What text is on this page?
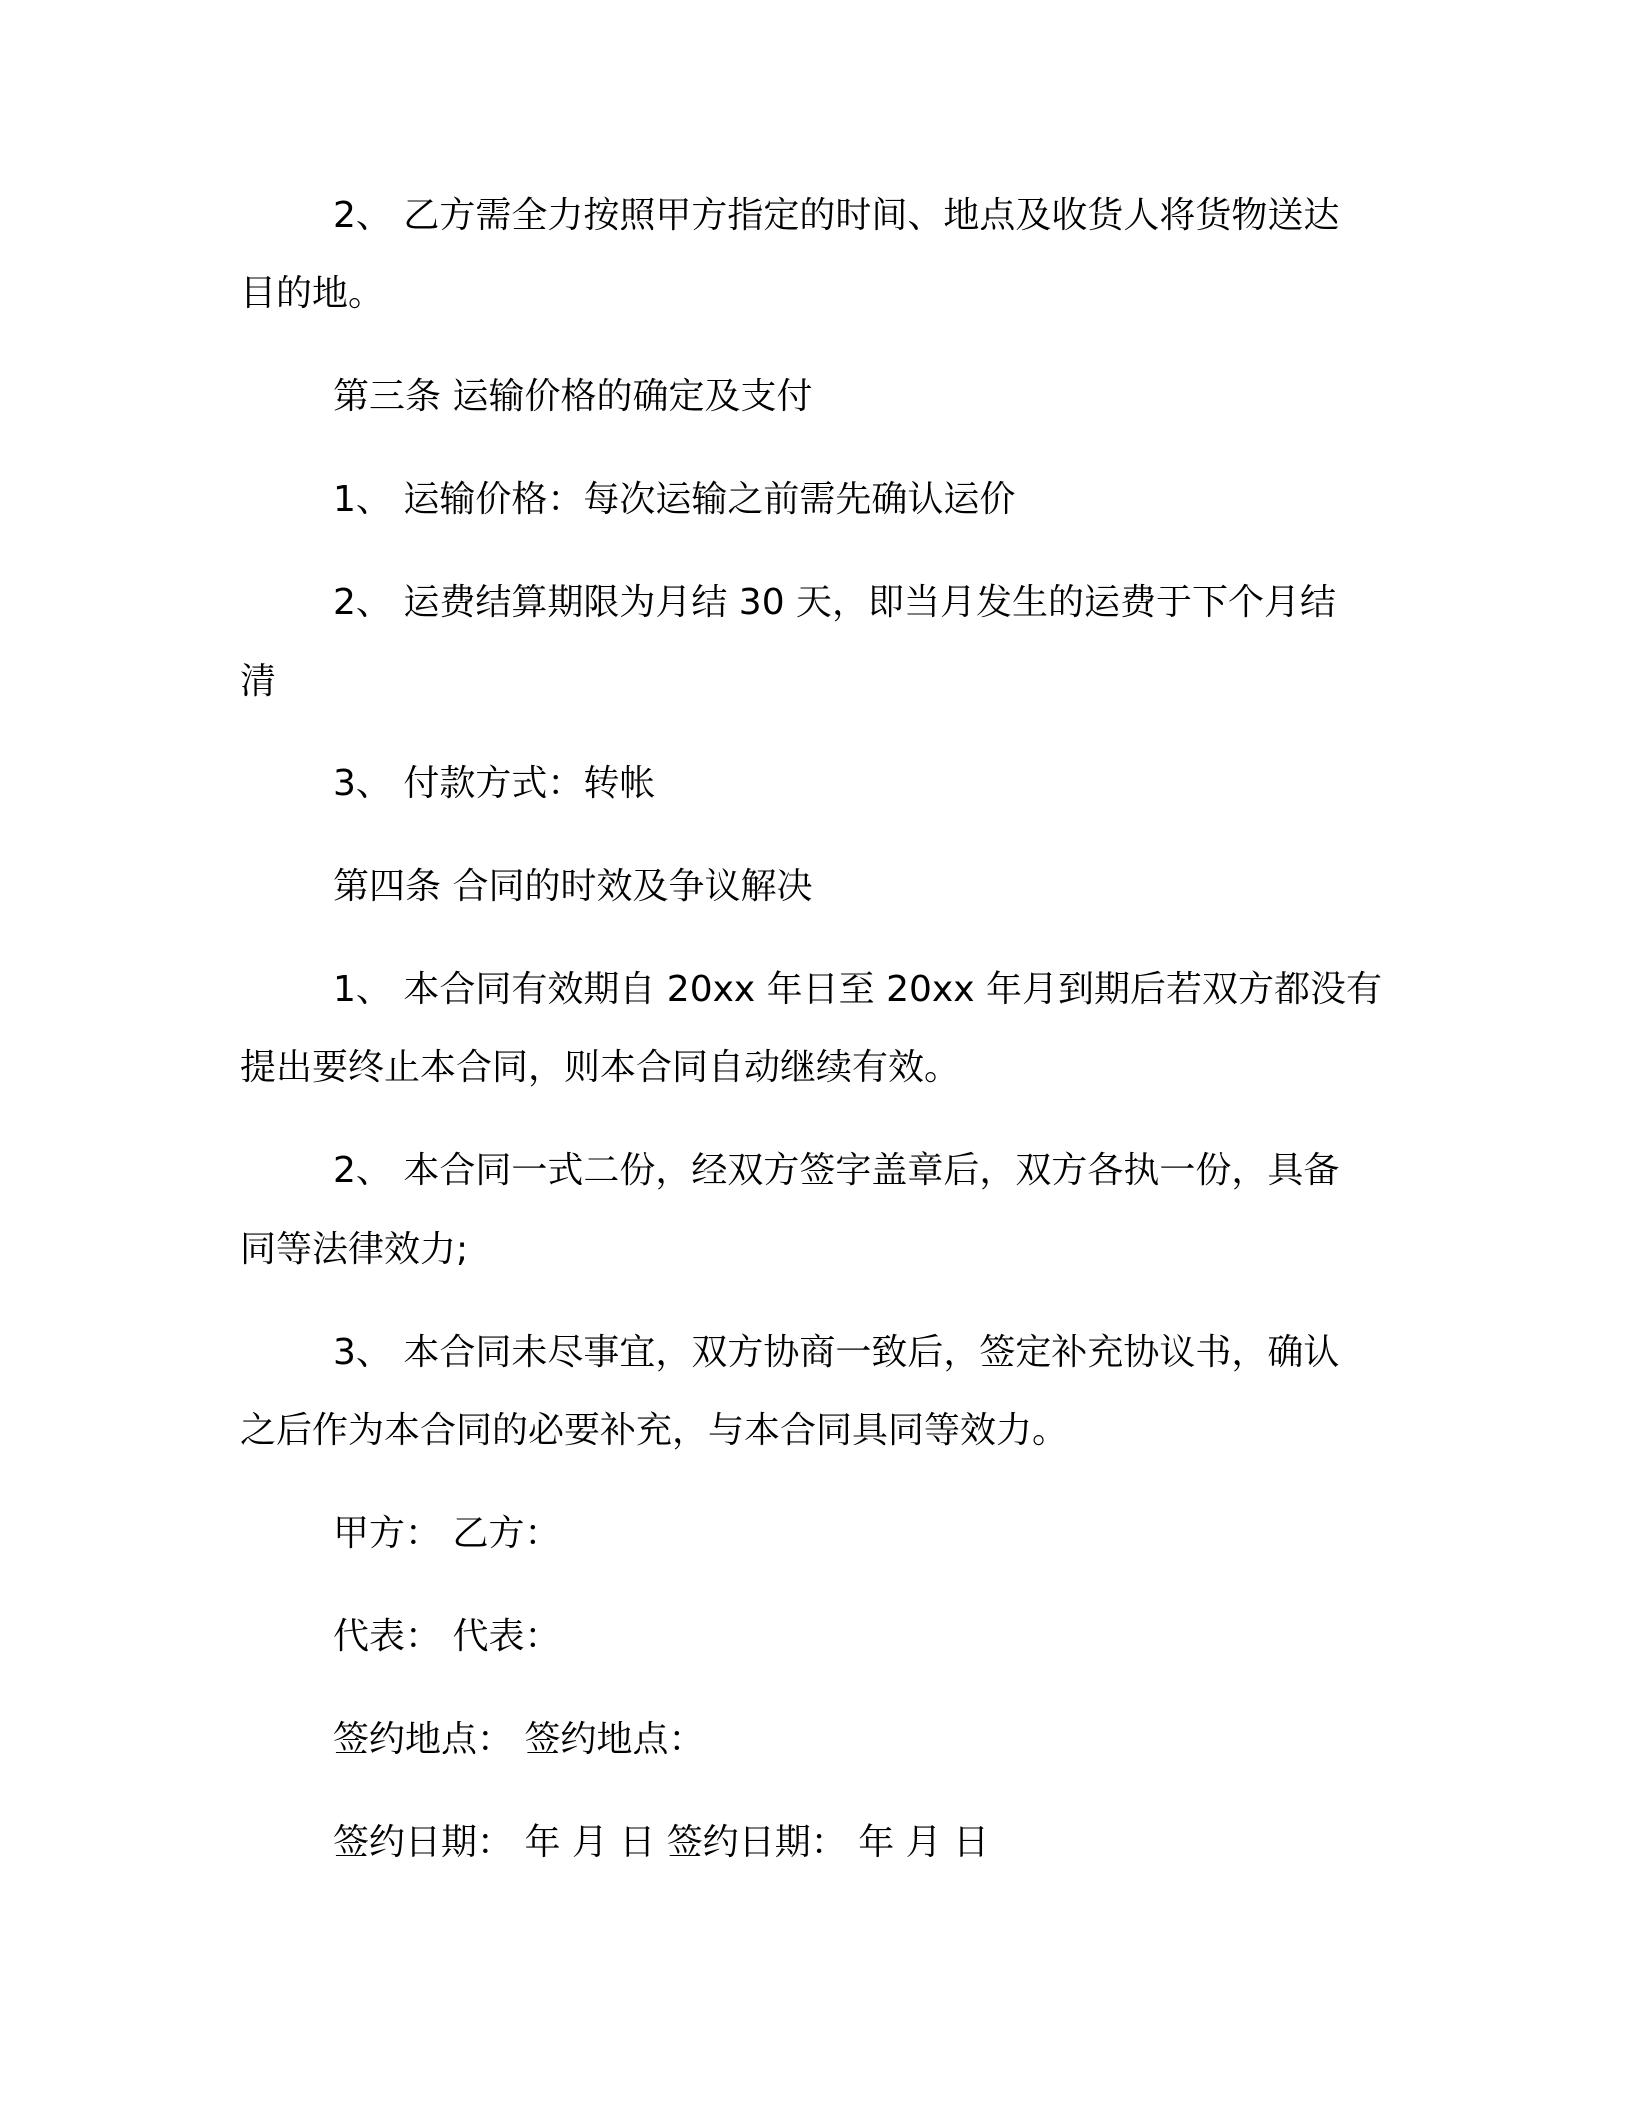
2、 乙方需全力按照甲方指定的时间、地点及收货人将货物送达
目的地。
第三条 运输价格的确定及支付
1、 运输价格：每次运输之前需先确认运价
2、 运费结算期限为月结 30 天，即当月发生的运费于下个月结
清
3、 付款方式：转帐
第四条 合同的时效及争议解决
1、 本合同有效期自 20xx 年日至 20xx 年月到期后若双方都没有
提出要终止本合同，则本合同自动继续有效。
2、 本合同一式二份，经双方签字盖章后，双方各执一份，具备
同等法律效力;
3、 本合同未尽事宜，双方协商一致后，签定补充协议书，确认
之后作为本合同的必要补充，与本合同具同等效力。
甲方： 乙方：
代表： 代表：
签约地点： 签约地点：
签约日期： 年 月 日 签约日期： 年 月 日
